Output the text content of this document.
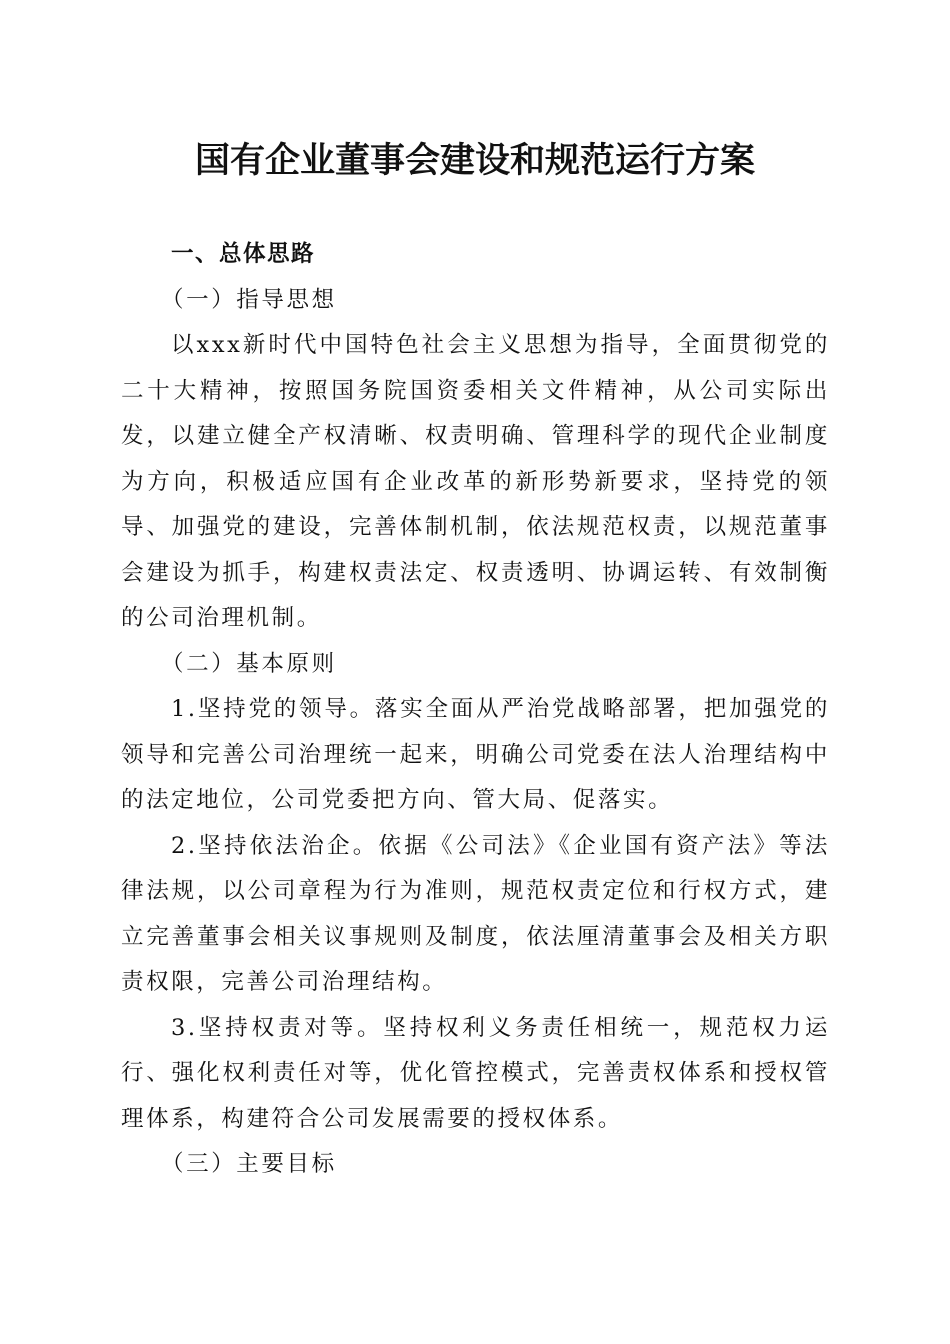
国有企业董事会建设和规范运行方案

一、总体思路

（一）指导思想

以xxx新时代中国特色社会主义思想为指导，全面贯彻党的二十大精神，按照国务院国资委相关文件精神，从公司实际出发，以建立健全产权清晰、权责明确、管理科学的现代企业制度为方向，积极适应国有企业改革的新形势新要求，坚持党的领导、加强党的建设，完善体制机制，依法规范权责，以规范董事会建设为抓手，构建权责法定、权责透明、协调运转、有效制衡的公司治理机制。

（二）基本原则

1.坚持党的领导。落实全面从严治党战略部署，把加强党的领导和完善公司治理统一起来，明确公司党委在法人治理结构中的法定地位，公司党委把方向、管大局、促落实。

2.坚持依法治企。依据《公司法》《企业国有资产法》等法律法规，以公司章程为行为准则，规范权责定位和行权方式，建立完善董事会相关议事规则及制度，依法厘清董事会及相关方职责权限，完善公司治理结构。

3.坚持权责对等。坚持权利义务责任相统一，规范权力运行、强化权利责任对等，优化管控模式，完善责权体系和授权管理体系，构建符合公司发展需要的授权体系。

（三）主要目标
